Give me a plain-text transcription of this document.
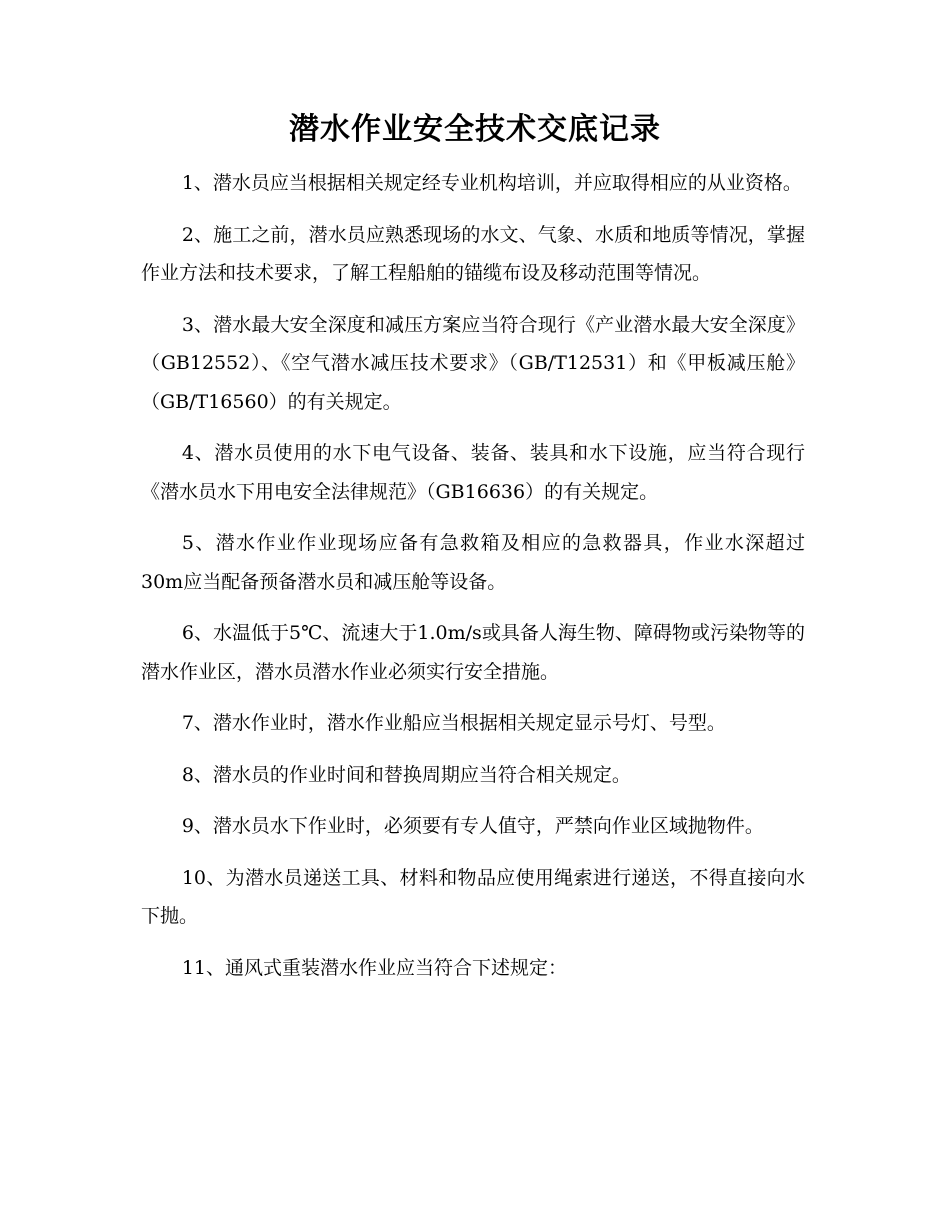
潜水作业安全技术交底记录

1、潜水员应当根据相关规定经专业机构培训，并应取得相应的从业资格。

2、施工之前，潜水员应熟悉现场的水文、气象、水质和地质等情况，掌握作业方法和技术要求，了解工程船舶的锚缆布设及移动范围等情况。

3、潜水最大安全深度和减压方案应当符合现行《产业潜水最大安全深度》（GB12552）、《空气潜水减压技术要求》（GB/T12531）和《甲板减压舱》（GB/T16560）的有关规定。

4、潜水员使用的水下电气设备、装备、装具和水下设施，应当符合现行《潜水员水下用电安全法律规范》（GB16636）的有关规定。

5、潜水作业作业现场应备有急救箱及相应的急救器具，作业水深超过30m应当配备预备潜水员和减压舱等设备。

6、水温低于5℃、流速大于1.0m/s或具备人海生物、障碍物或污染物等的潜水作业区，潜水员潜水作业必须实行安全措施。

7、潜水作业时，潜水作业船应当根据相关规定显示号灯、号型。

8、潜水员的作业时间和替换周期应当符合相关规定。

9、潜水员水下作业时，必须要有专人值守，严禁向作业区域抛物件。

10、为潜水员递送工具、材料和物品应使用绳索进行递送，不得直接向水下抛。

11、通风式重装潜水作业应当符合下述规定：
